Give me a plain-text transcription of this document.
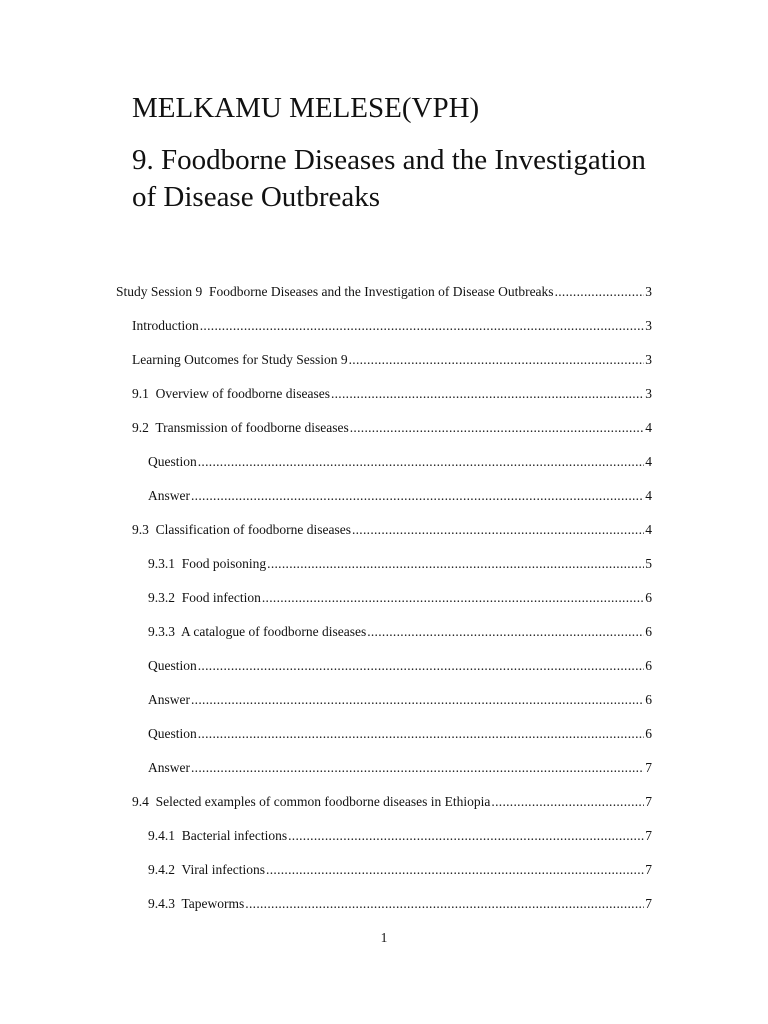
MELKAMU MELESE(VPH)
9. Foodborne Diseases and the Investigation of Disease Outbreaks
Study Session 9  Foodborne Diseases and the Investigation of Disease Outbreaks .....	3
Introduction .....	3
Learning Outcomes for Study Session 9 .....	3
9.1  Overview of foodborne diseases .....	3
9.2  Transmission of foodborne diseases .....	4
Question .....	4
Answer .....	4
9.3  Classification of foodborne diseases .....	4
9.3.1  Food poisoning .....	5
9.3.2  Food infection .....	6
9.3.3  A catalogue of foodborne diseases .....	6
Question .....	6
Answer .....	6
Question .....	6
Answer .....	7
9.4  Selected examples of common foodborne diseases in Ethiopia .....	7
9.4.1  Bacterial infections .....	7
9.4.2  Viral infections .....	7
9.4.3  Tapeworms .....	7
1
